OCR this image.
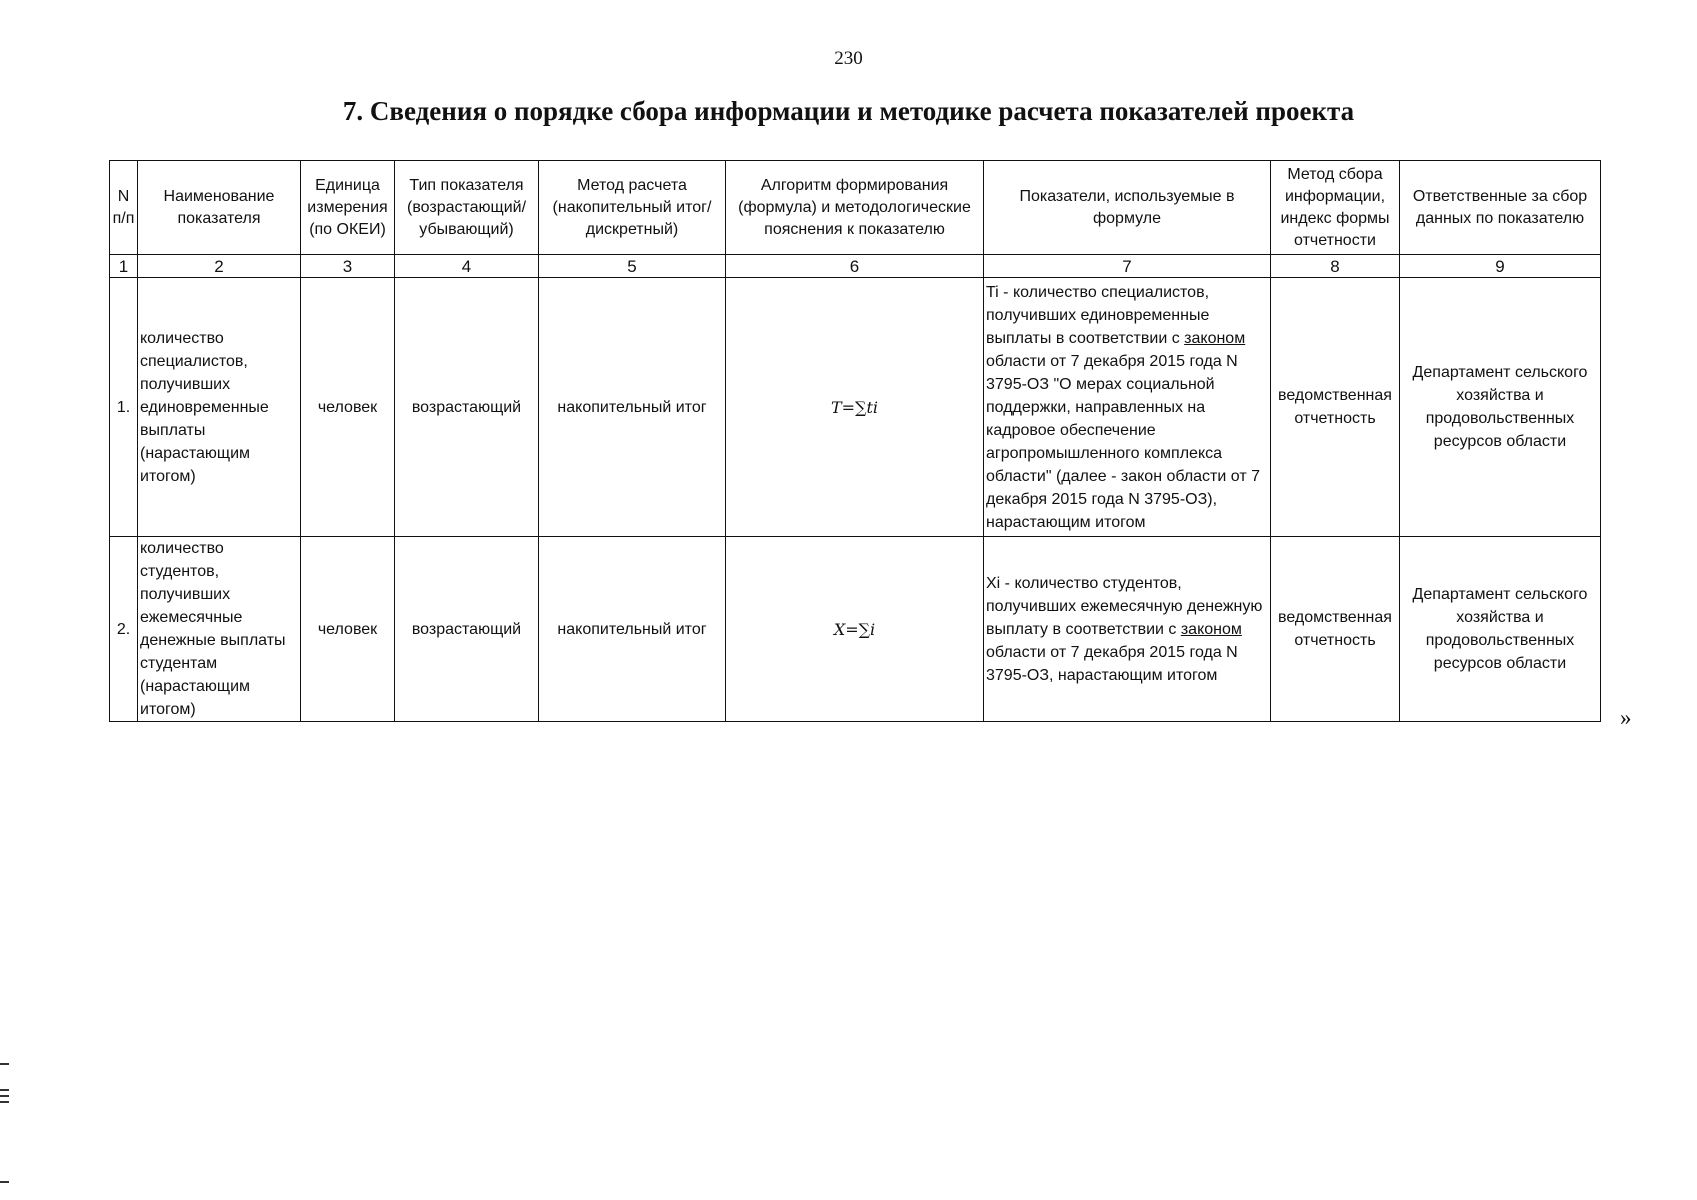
230
7. Сведения о порядке сбора информации и методике расчета показателей проекта
N п/п	Наименование показателя	Единица измерения (по ОКЕИ)	Тип показателя (возрастающий/убывающий)	Метод расчета (накопительный итог/дискретный)	Алгоритм формирования (формула) и методологические пояснения к показателю	Показатели, используемые в формуле	Метод сбора информации, индекс формы отчетности	Ответственные за сбор данных по показателю
1	2	3	4	5	6	7	8	9
1.	количество специалистов, получивших единовременные выплаты (нарастающим итогом)	человек	возрастающий	накопительный итог	T=∑ti	Ti - количество специалистов, получивших единовременные выплаты в соответствии с законом области от 7 декабря 2015 года N 3795-ОЗ "О мерах социальной поддержки, направленных на кадровое обеспечение агропромышленного комплекса области" (далее - закон области от 7 декабря 2015 года N 3795-ОЗ), нарастающим итогом	ведомственная отчетность	Департамент сельского хозяйства и продовольственных ресурсов области
2.	количество студентов, получивших ежемесячные денежные выплаты студентам (нарастающим итогом)	человек	возрастающий	накопительный итог	X=∑i	Xi - количество студентов, получивших ежемесячную денежную выплату в соответствии с законом области от 7 декабря 2015 года N 3795-ОЗ, нарастающим итогом	ведомственная отчетность	Департамент сельского хозяйства и продовольственных ресурсов области
»
